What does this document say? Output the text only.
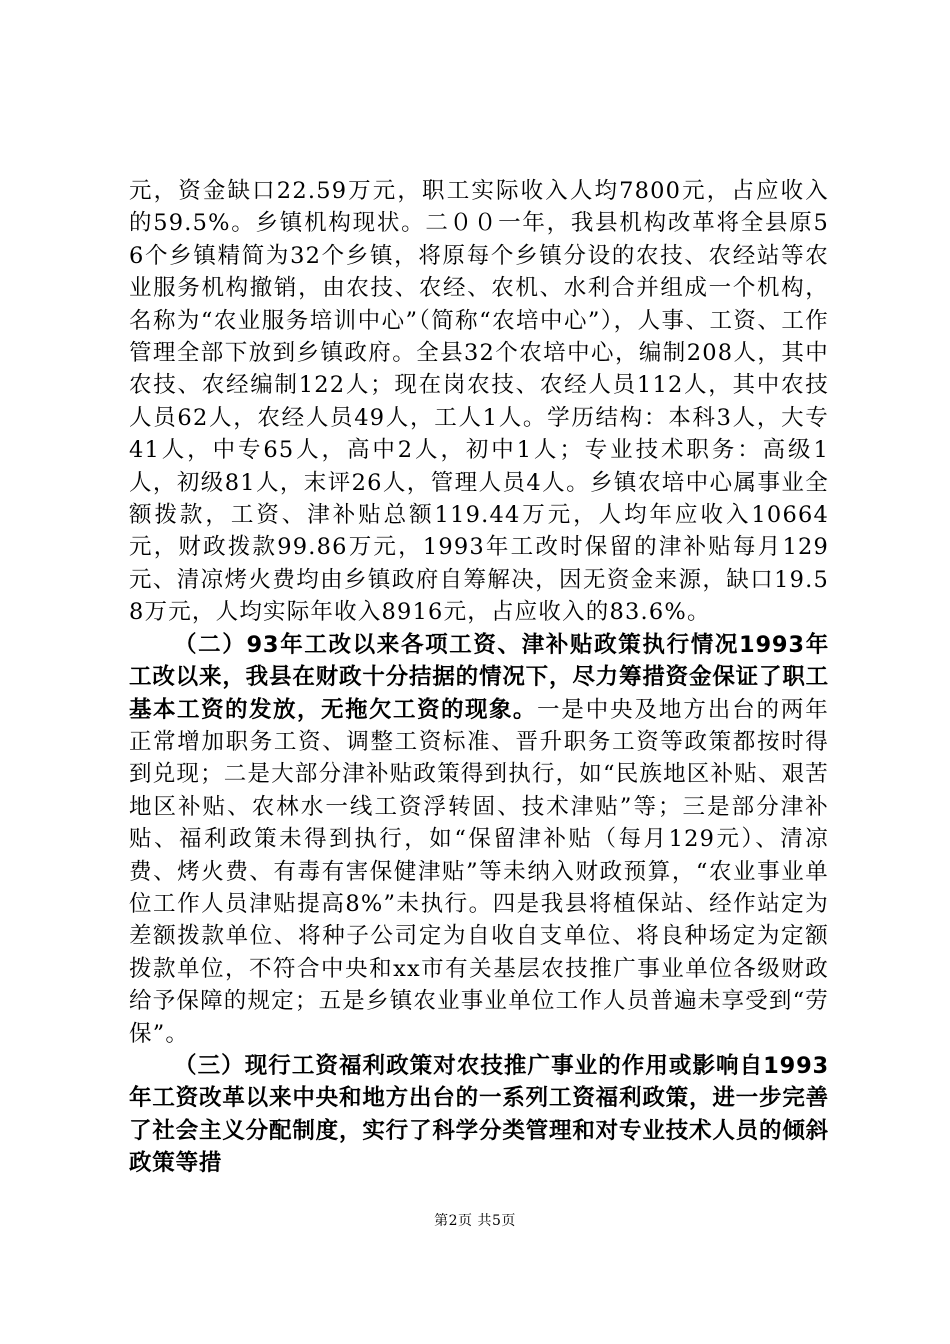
元，资金缺口22.59万元，职工实际收入人均7800元，占应收入的59.5%。乡镇机构现状。二００一年，我县机构改革将全县原56个乡镇精简为32个乡镇，将原每个乡镇分设的农技、农经站等农业服务机构撤销，由农技、农经、农机、水利合并组成一个机构，名称为“农业服务培训中心”（简称“农培中心”），人事、工资、工作管理全部下放到乡镇政府。全县32个农培中心，编制208人，其中农技、农经编制122人；现在岗农技、农经人员112人，其中农技人员62人，农经人员49人，工人1人。学历结构：本科3人，大专41人，中专65人，高中2人，初中1人；专业技术职务：高级1人，初级81人，末评26人，管理人员4人。乡镇农培中心属事业全额拨款，工资、津补贴总额119.44万元，人均年应收入10664元，财政拨款99.86万元，1993年工改时保留的津补贴每月129元、清凉烤火费均由乡镇政府自筹解决，因无资金来源，缺口19.58万元，人均实际年收入8916元，占应收入的83.6%。

（二）93年工改以来各项工资、津补贴政策执行情况1993年工改以来，我县在财政十分拮据的情况下，尽力筹措资金保证了职工基本工资的发放，无拖欠工资的现象。一是中央及地方出台的两年正常增加职务工资、调整工资标准、晋升职务工资等政策都按时得到兑现；二是大部分津补贴政策得到执行，如“民族地区补贴、艰苦地区补贴、农林水一线工资浮转固、技术津贴”等；三是部分津补贴、福利政策未得到执行，如“保留津补贴（每月129元）、清凉费、烤火费、有毒有害保健津贴”等未纳入财政预算，“农业事业单位工作人员津贴提高8%”未执行。四是我县将植保站、经作站定为差额拨款单位、将种子公司定为自收自支单位、将良种场定为定额拨款单位，不符合中央和xx市有关基层农技推广事业单位各级财政给予保障的规定；五是乡镇农业事业单位工作人员普遍未享受到“劳保”。

（三）现行工资福利政策对农技推广事业的作用或影响自1993年工资改革以来中央和地方出台的一系列工资福利政策，进一步完善了社会主义分配制度，实行了科学分类管理和对专业技术人员的倾斜政策等措

第2页 共5页
